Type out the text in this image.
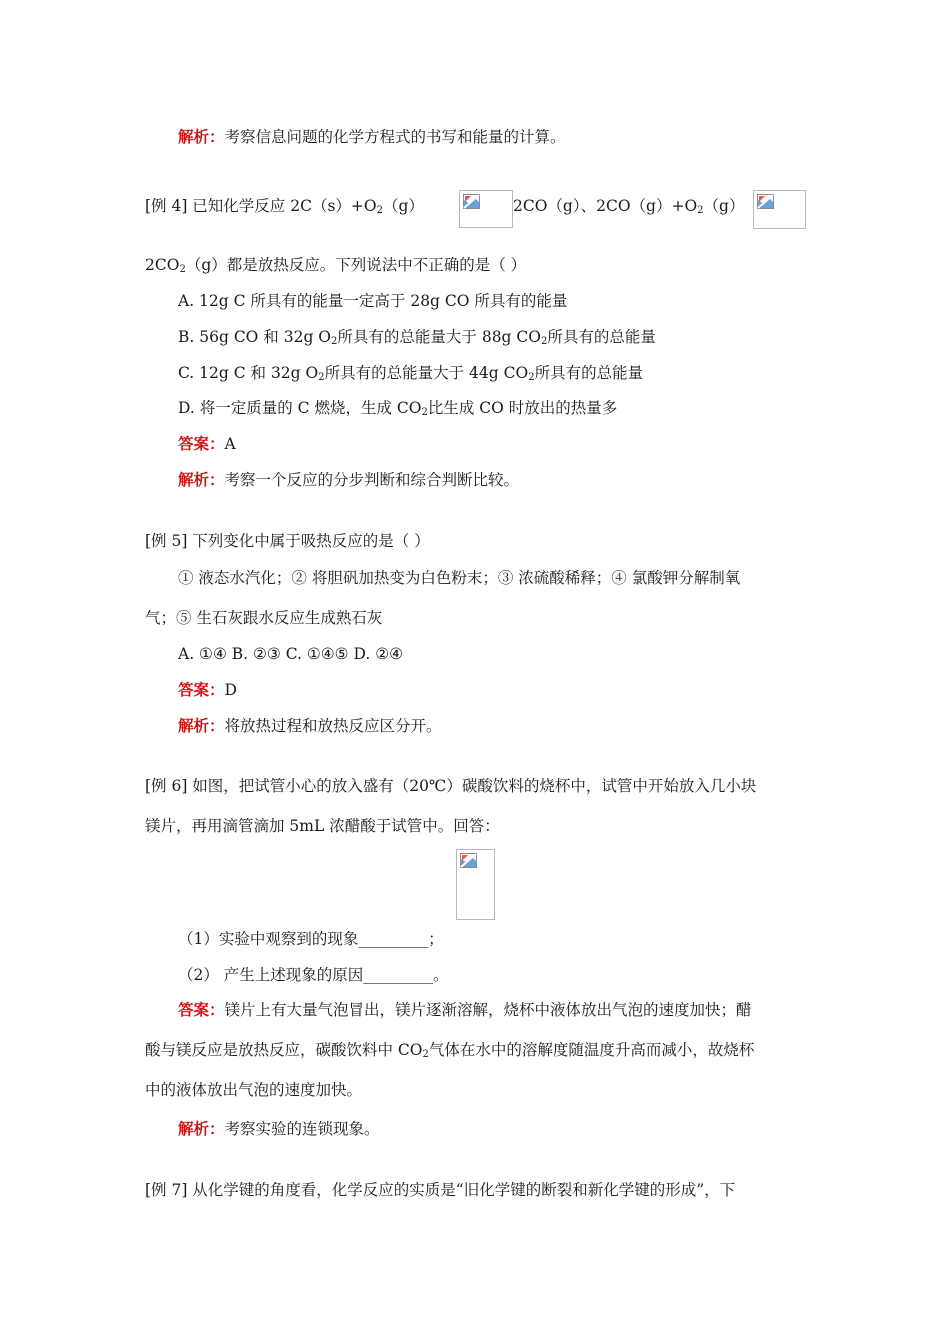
解析：考察信息问题的化学方程式的书写和能量的计算。
[例 4] 已知化学反应 $2C(s)+O_2(g)$	2CO（g）、$2CO(g)+O_2(g)$
$2CO_2(g)$都是放热反应。下列说法中不正确的是（ ）
A. 12g C 所具有的能量一定高于 28g CO 所具有的能量
B. 56g CO 和 32g $O_2$所具有的总能量大于 88g $CO_2$所具有的总能量
C. 12g C 和 32g $O_2$所具有的总能量大于 44g $CO_2$所具有的总能量
D. 将一定质量的 C 燃烧，生成 $CO_2$比生成 CO 时放出的热量多
答案：A
解析：考察一个反应的分步判断和综合判断比较。
[例 5] 下列变化中属于吸热反应的是（ ）
① 液态水汽化；② 将胆矾加热变为白色粉末；③ 浓硫酸稀释；④ 氯酸钾分解制氧
气；⑤ 生石灰跟水反应生成熟石灰
A. ①④ B. ②③ C. ①④⑤ D. ②④
答案：D
解析：将放热过程和放热反应区分开。
[例 6] 如图，把试管小心的放入盛有（20℃）碳酸饮料的烧杯中，试管中开始放入几小块
镁片，再用滴管滴加 5mL 浓醋酸于试管中。回答：
（1）实验中观察到的现象_________；
（2） 产生上述现象的原因_________。
答案：镁片上有大量气泡冒出，镁片逐渐溶解，烧杯中液体放出气泡的速度加快；醋
酸与镁反应是放热反应，碳酸饮料中 $CO_2$气体在水中的溶解度随温度升高而减小，故烧杯
中的液体放出气泡的速度加快。
解析：考察实验的连锁现象。
[例 7] 从化学键的角度看，化学反应的实质是“旧化学键的断裂和新化学键的形成”，下
